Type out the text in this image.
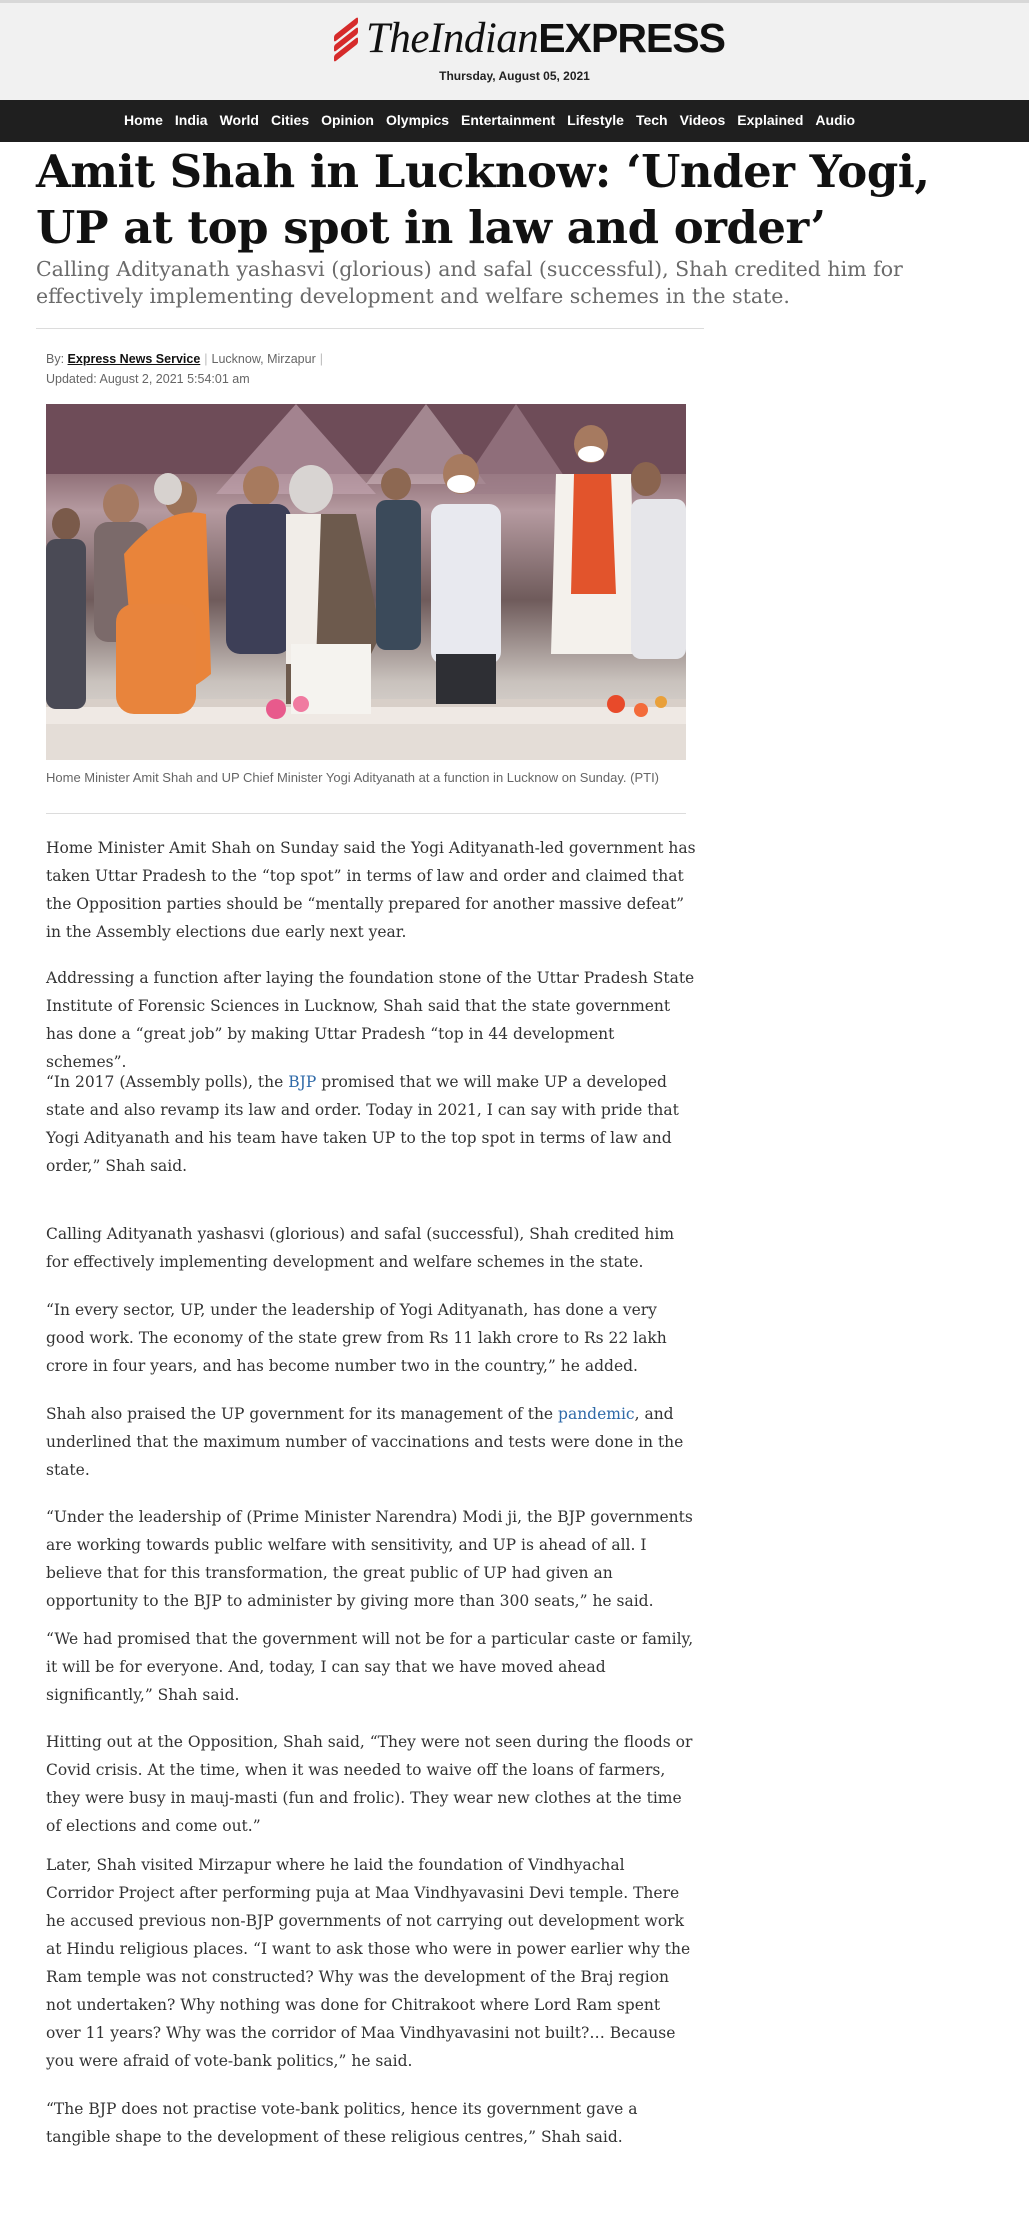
TheIndianEXPRESS
Thursday, August 05, 2021
Home India World Cities Opinion Olympics Entertainment Lifestyle Tech Videos Explained Audio
Amit Shah in Lucknow: ‘Under Yogi, UP at top spot in law and order’
Calling Adityanath yashasvi (glorious) and safal (successful), Shah credited him for effectively implementing development and welfare schemes in the state.
By: Express News Service | Lucknow, Mirzapur |
Updated: August 2, 2021 5:54:01 am

Home Minister Amit Shah and UP Chief Minister Yogi Adityanath at a function in Lucknow on Sunday. (PTI)

Home Minister Amit Shah on Sunday said the Yogi Adityanath-led government has taken Uttar Pradesh to the “top spot” in terms of law and order and claimed that the Opposition parties should be “mentally prepared for another massive defeat” in the Assembly elections due early next year.

Addressing a function after laying the foundation stone of the Uttar Pradesh State Institute of Forensic Sciences in Lucknow, Shah said that the state government has done a “great job” by making Uttar Pradesh “top in 44 development schemes”.

“In 2017 (Assembly polls), the BJP promised that we will make UP a developed state and also revamp its law and order. Today in 2021, I can say with pride that Yogi Adityanath and his team have taken UP to the top spot in terms of law and order,” Shah said.

Calling Adityanath yashasvi (glorious) and safal (successful), Shah credited him for effectively implementing development and welfare schemes in the state.

“In every sector, UP, under the leadership of Yogi Adityanath, has done a very good work. The economy of the state grew from Rs 11 lakh crore to Rs 22 lakh crore in four years, and has become number two in the country,” he added.

Shah also praised the UP government for its management of the pandemic, and underlined that the maximum number of vaccinations and tests were done in the state.

“Under the leadership of (Prime Minister Narendra) Modi ji, the BJP governments are working towards public welfare with sensitivity, and UP is ahead of all. I believe that for this transformation, the great public of UP had given an opportunity to the BJP to administer by giving more than 300 seats,” he said.

“We had promised that the government will not be for a particular caste or family, it will be for everyone. And, today, I can say that we have moved ahead significantly,” Shah said.

Hitting out at the Opposition, Shah said, “They were not seen during the floods or Covid crisis. At the time, when it was needed to waive off the loans of farmers, they were busy in mauj-masti (fun and frolic). They wear new clothes at the time of elections and come out.”

Later, Shah visited Mirzapur where he laid the foundation of Vindhyachal Corridor Project after performing puja at Maa Vindhyavasini Devi temple. There he accused previous non-BJP governments of not carrying out development work at Hindu religious places. “I want to ask those who were in power earlier why the Ram temple was not constructed? Why was the development of the Braj region not undertaken? Why nothing was done for Chitrakoot where Lord Ram spent over 11 years? Why was the corridor of Maa Vindhyavasini not built?… Because you were afraid of vote-bank politics,” he said.

“The BJP does not practise vote-bank politics, hence its government gave a tangible shape to the development of these religious centres,” Shah said.
